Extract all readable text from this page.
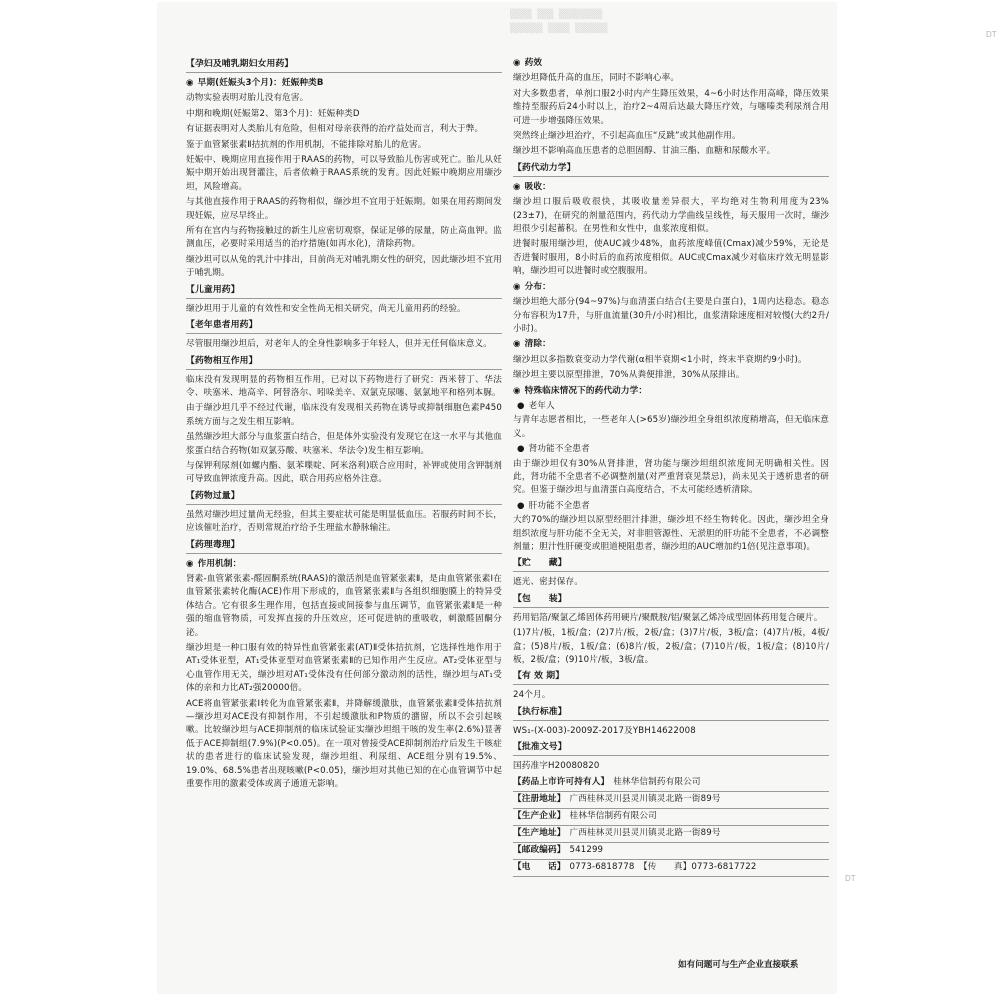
▒▒▒▒ ▒▒▒ ▒▒▒▒▒▒▒▒
▒▒▒▒▒▒ ▒▒▒▒ ▒▒▒▒▒▒
【孕妇及哺乳期妇女用药】
◉ 早期(妊娠头3个月)：妊娠种类B
动物实验表明对胎儿没有危害。
中期和晚期(妊娠第2、第3个月)：妊娠种类D
有证据表明对人类胎儿有危险，但相对母亲获得的治疗益处而言，利大于弊。
鉴于血管紧张素Ⅱ拮抗剂的作用机制，不能排除对胎儿的危害。
妊娠中、晚期应用直接作用于RAAS的药物，可以导致胎儿伤害或死亡。胎儿从妊娠中期开始出现肾灌注，后者依赖于RAAS系统的发育。因此妊娠中晚期应用缬沙坦，风险增高。
与其他直接作用于RAAS的药物相似，缬沙坦不宜用于妊娠期。如果在用药期间发现妊娠，应尽早终止。
所有在宫内与药物接触过的新生儿应密切观察，保证足够的尿量，防止高血钾。监测血压，必要时采用适当的治疗措施(如再水化)，清除药物。
缬沙坦可以从兔的乳汁中排出，目前尚无对哺乳期女性的研究，因此缬沙坦不宜用于哺乳期。
【儿童用药】
缬沙坦用于儿童的有效性和安全性尚无相关研究，尚无儿童用药的经验。
【老年患者用药】
尽管服用缬沙坦后，对老年人的全身性影响多于年轻人，但并无任何临床意义。
【药物相互作用】
临床没有发现明显的药物相互作用，已对以下药物进行了研究：西米替丁、华法令、呋塞米、地高辛、阿替洛尔、吲哚美辛、双氯克尿噻、氨氯地平和格列本脲。
由于缬沙坦几乎不经过代谢，临床没有发现相关药物在诱导或抑制细胞色素P450系统方面与之发生相互影响。
虽然缬沙坦大部分与血浆蛋白结合，但是体外实验没有发现它在这一水平与其他血浆蛋白结合药物(如双氯芬酸、呋塞米、华法令)发生相互影响。
与保钾利尿剂(如螺内酯、氨苯喋啶、阿米洛利)联合应用时，补钾或使用含钾制剂可导致血钾浓度升高。因此，联合用药应格外注意。
【药物过量】
虽然对缬沙坦过量尚无经验，但其主要症状可能是明显低血压。若服药时间不长，应该催吐治疗，否则常规治疗给予生理盐水静脉输注。
【药理毒理】
◉ 作用机制：
肾素-血管紧张素-醛固酮系统(RAAS)的激活剂是血管紧张素Ⅱ，是由血管紧张素Ⅰ在血管紧张素转化酶(ACE)作用下形成的，血管紧张素Ⅱ与各组织细胞膜上的特异受体结合。它有很多生理作用，包括直接或间接参与血压调节，血管紧张素Ⅱ是一种强的缩血管物质，可发挥直接的升压效应，还可促进钠的重吸收，刺激醛固酮分泌。
缬沙坦是一种口服有效的特异性血管紧张素(AT)Ⅱ受体拮抗剂，它选择性地作用于AT₁受体亚型，AT₁受体亚型对血管紧张素Ⅱ的已知作用产生反应。AT₂受体亚型与心血管作用无关，缬沙坦对AT₁受体没有任何部分激动剂的活性，缬沙坦与AT₁受体的亲和力比AT₂强20000倍。
ACE将血管紧张素Ⅰ转化为血管紧张素Ⅱ，并降解缓激肽，血管紧张素Ⅱ受体拮抗剂—缬沙坦对ACE没有抑制作用，不引起缓激肽和P物质的潴留，所以不会引起咳嗽。比较缬沙坦与ACE抑制剂的临床试验证实缬沙坦组干咳的发生率(2.6%)显著低于ACE抑制组(7.9%)(P<0.05)。在一项对曾接受ACE抑制剂治疗后发生干咳症状的患者进行的临床试验发现，缬沙坦组、利尿组、ACE组分别有19.5%、19.0%、68.5%患者出现咳嗽(P<0.05)，缬沙坦对其他已知的在心血管调节中起重要作用的激素受体或离子通道无影响。
◉ 药效
缬沙坦降低升高的血压，同时不影响心率。
对大多数患者，单剂口服2小时内产生降压效果，4~6小时达作用高峰，降压效果维持至服药后24小时以上，治疗2~4周后达最大降压疗效，与噻嗪类利尿剂合用可进一步增强降压效果。
突然终止缬沙坦治疗，不引起高血压“反跳”或其他副作用。
缬沙坦不影响高血压患者的总胆固醇、甘油三酯、血糖和尿酸水平。
【药代动力学】
◉ 吸收：
缬沙坦口服后吸收很快，其吸收量差异很大，平均绝对生物利用度为23%(23±7)，在研究的剂量范围内，药代动力学曲线呈线性，每天服用一次时，缬沙坦很少引起蓄积。在男性和女性中，血浆浓度相似。
进餐时服用缬沙坦，使AUC减少48%，血药浓度峰值(Cmax)减少59%，无论是否进餐时服用，8小时后的血药浓度相似。AUC或Cmax减少对临床疗效无明显影响，缬沙坦可以进餐时或空腹服用。
◉ 分布：
缬沙坦绝大部分(94~97%)与血清蛋白结合(主要是白蛋白)，1周内达稳态。稳态分布容积为17升，与肝血流量(30升/小时)相比，血浆清除速度相对较慢(大约2升/小时)。
◉ 清除：
缬沙坦以多指数衰变动力学代谢(α相半衰期<1小时，终末半衰期约9小时)。
缬沙坦主要以原型排泄，70%从粪便排泄，30%从尿排出。
◉ 特殊临床情况下的药代动力学：
● 老年人
与青年志愿者相比，一些老年人(>65岁)缬沙坦全身组织浓度稍增高，但无临床意义。
● 肾功能不全患者
由于缬沙坦仅有30%从肾排泄，肾功能与缬沙坦组织浓度间无明确相关性。因此，肾功能不全患者不必调整剂量(对严重肾衰见禁忌)，尚未见关于透析患者的研究。但鉴于缬沙坦与血清蛋白高度结合，不太可能经透析清除。
● 肝功能不全患者
大约70%的缬沙坦以原型经胆汁排泄，缬沙坦不经生物转化。因此，缬沙坦全身组织浓度与肝功能不全无关，对非胆管源性、无淤胆的肝功能不全患者，不必调整剂量；胆汁性肝硬变或胆道梗阻患者，缬沙坦的AUC增加约1倍(见注意事项)。
【贮　　藏】
遮光、密封保存。
【包　　装】
药用铝箔/聚氯乙烯固体药用硬片/聚酰胺/铝/聚氯乙烯冷成型固体药用复合硬片。
(1)7片/板，1板/盒；(2)7片/板，2板/盒；(3)7片/板，3板/盒；(4)7片/板，4板/盒；(5)8片/板，1板/盒；(6)8片/板，2板/盒；(7)10片/板，1板/盒；(8)10片/板，2板/盒；(9)10片/板，3板/盒。
【有 效 期】
24个月。
【执行标准】
WS₁-(X-003)-2009Z-2017及YBH14622008
【批准文号】
国药准字H20080820
【药品上市许可持有人】 桂林华信制药有限公司
【注册地址】 广西桂林灵川县灵川镇灵北路一街89号
【生产企业】 桂林华信制药有限公司
【生产地址】 广西桂林灵川县灵川镇灵北路一街89号
【邮政编码】 541299
【电　　话】 0773-6818778　【传　　真】0773-6817722
如有问题可与生产企业直接联系
DT
DT
